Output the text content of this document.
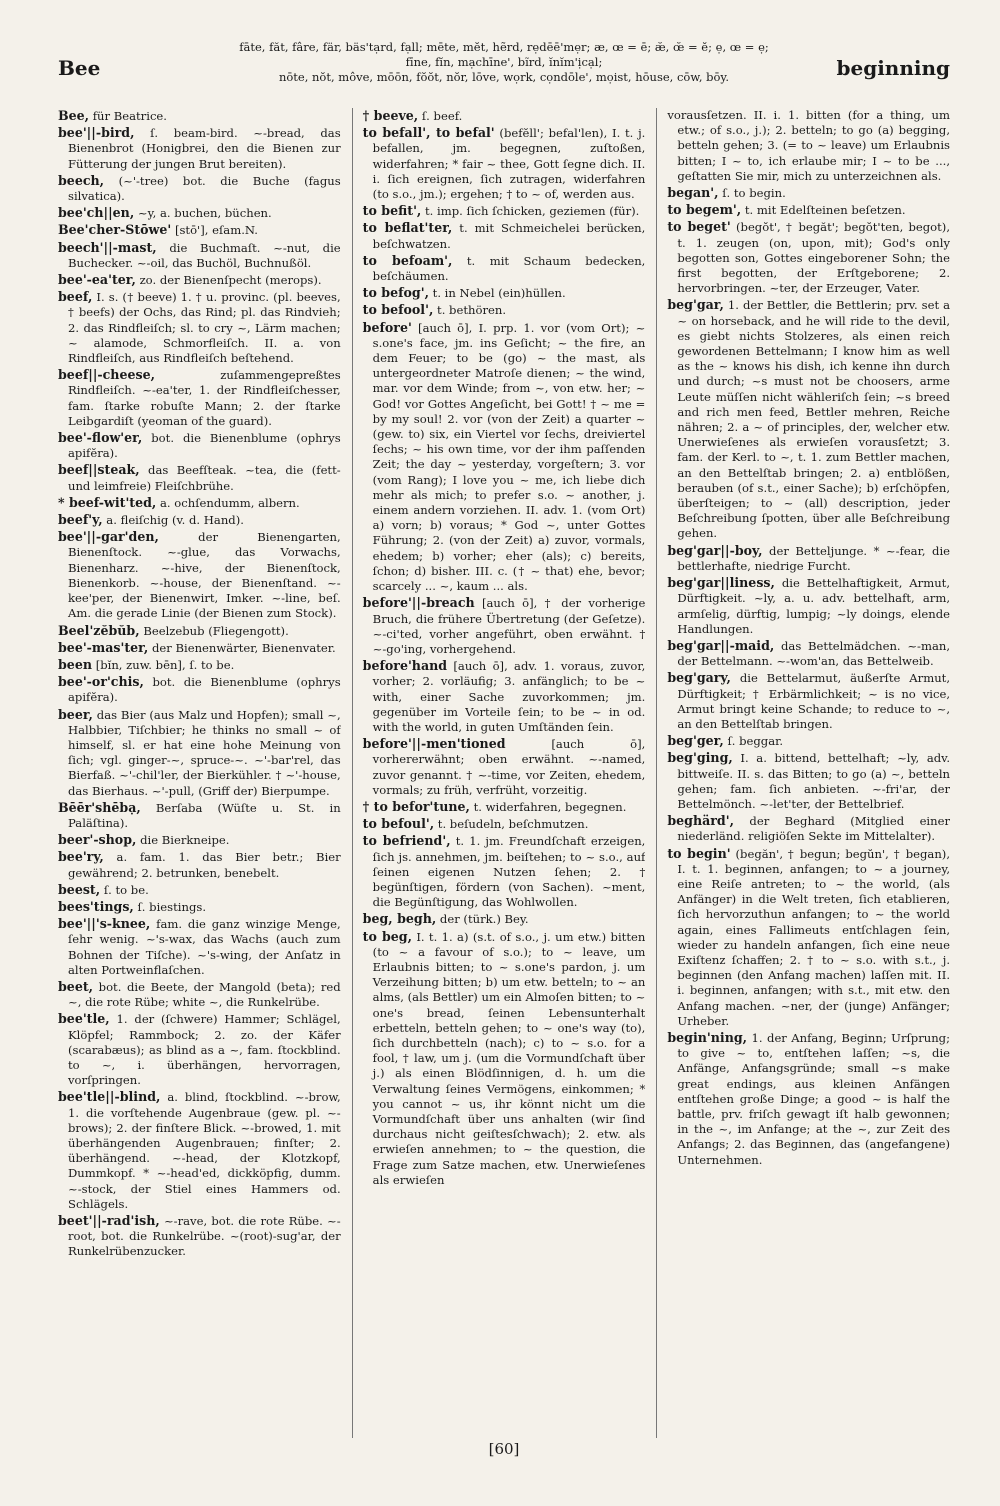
Bee
fāte, făt, fâre, fär, bäs'tạrd, fạll; mēte, mĕt, hẽrd, rẹdēē'mẹr; æ, œ = ē; æ̆, œ̆ = ĕ; ẹ, œ = ẹ;
fīne, fĭn, mạchīne', bĩrd, ĭnĭm'ịcạl;
nōte, nŏt, môve, mōōn, fŏŏt, nŏr, lōve, wọrk, cọndōle', mọist, hōuse, cōw, bōy.	beginning

Bee, für Beatrice.

bee'||-bird, ſ. beam-bird. ~-bread, das Bienenbrot (Honigbrei, den die Bienen zur Fütterung der jungen Brut bereiten).

beech, (~'-tree) bot. die Buche (fagus silvatica).

bee'ch||en, ~y, a. buchen, büchen.

Bee'cher-Stōwe' [stō'], eſam.N.

beech'||-mast, die Buchmaſt. ~-nut, die Buchecker. ~-oil, das Buchöl, Buchnußöl.

bee'-ea'ter, zo. der Bienenſpecht (merops).

beef, I. s. († beeve) 1. † u. provinc. (pl. beeves, † beefs) der Ochs, das Rind; pl. das Rindvieh; 2. das Rindfleiſch; sl. to cry ~, Lärm machen; ~ alamode, Schmorfleiſch. II. a. von Rindfleiſch, aus Rindfleiſch beſtehend.

beef||-cheese,	zuſammengepreßtes Rindfleiſch. ~-ea'ter, 1. der Rindfleiſchesser, fam. ſtarke robuſte Mann; 2. der ſtarke Leibgardiſt (yeoman of the guard).

bee'-flow'er, bot. die Bienenblume (ophrys apifĕra).

beef||steak, das Beefſteak. ~tea, die (fett- und leimfreie) Fleiſchbrühe.

* beef-wit'ted, a. ochſendumm, albern.

beef'y, a. fleiſchig (v. d. Hand).

bee'||-gar'den,	der Bienengarten, Bienenſtock. ~-glue, das Vorwachs, Bienenharz. ~-hive, der Bienenſtock, Bienenkorb. ~-house, der Bienenſtand. ~-kee'per, der Bienenwirt, Imker. ~-line, beſ. Am. die gerade Linie (der Bienen zum Stock).

Beel'zĕbŭb, Beelzebub (Fliegengott).

bee'-mas'ter, der Bienenwärter, Bienenvater.

been [bĭn, zuw. bēn], ſ. to be.

bee'-or'chis, bot. die Bienenblume (ophrys apifĕra).

beer, das Bier (aus Malz und Hopfen); small ~, Halbbier, Tiſchbier; he thinks no small ~ of himself, sl. er hat eine hohe Meinung von ſich; vgl. ginger-~, spruce-~. ~'-bar'rel, das Bierfaß. ~'-chil'ler, der Bierkühler. † ~'-house, das Bierhaus. ~'-pull, (Griff der) Bierpumpe.

Bēēr'shēbạ, Berſaba (Wüſte u. St. in Paläſtina).

beer'-shop, die Bierkneipe.

bee'ry, a. fam. 1. das Bier betr.; Bier gewährend; 2. betrunken, benebelt.

beest, ſ. to be.

bees'tings, ſ. biestings.

bee'||'s-knee, fam. die ganz winzige Menge, ſehr wenig. ~'s-wax, das Wachs (auch zum Bohnen der Tiſche). ~'s-wing, der Anſatz in alten Portweinflaſchen.

beet, bot. die Beete, der Mangold (beta); red ~, die rote Rübe; white ~, die Runkelrübe.

bee'tle, 1. der (ſchwere) Hammer; Schlägel, Klöpfel; Rammbock; 2. zo. der Käfer (scarabæus); as blind as a ~, fam. ſtockblind. to ~, i. überhängen, hervorragen, vorſpringen.

bee'tle||-blind, a. blind, ſtockblind. ~-brow, 1. die vorſtehende Augenbraue (gew. pl. ~-brows); 2. der finſtere Blick. ~-browed, 1. mit überhängenden Augenbrauen; finſter; 2. überhängend. ~-head, der Klotzkopf, Dummkopf. * ~-head'ed, dickköpfig, dumm. ~-stock, der Stiel eines Hammers od. Schlägels.

beet'||-rad'ish, ~-rave, bot. die rote Rübe. ~-root, bot. die Runkelrübe. ~(root)-sug'ar, der Runkelrübenzucker.

† beeve, ſ. beef.

to befall', to befal' (befĕll'; befal'len), I. t. j. befallen, jm. begegnen, zuſtoßen, widerfahren; * fair ~ thee, Gott ſegne dich. II. i. ſich ereignen, ſich zutragen, widerfahren (to s.o., jm.); ergehen; † to ~ of, werden aus.

to befit', t. imp. ſich ſchicken, geziemen (für).

to beflat'ter, t. mit Schmeichelei berücken, beſchwatzen.

to befoam', t. mit Schaum bedecken, beſchäumen.

to befog', t. in Nebel (ein)hüllen.

to befool', t. bethören.

before' [auch ō], I. prp. 1. vor (vom Ort); ~ s.one's face, jm. ins Geſicht; ~ the fire, an dem Feuer; to be (go) ~ the mast, als untergeordneter Matroſe dienen; ~ the wind, mar. vor dem Winde; from ~, von etw. her; ~ God! vor Gottes Angeſicht, bei Gott! † ~ me = by my soul! 2. vor (von der Zeit) a quarter ~ (gew. to) six, ein Viertel vor ſechs, dreiviertel ſechs; ~ his own time, vor der ihm paſſenden Zeit; the day ~ yesterday, vorgeſtern; 3. vor (vom Rang); I love you ~ me, ich liebe dich mehr als mich; to prefer s.o. ~ another, j. einem andern vorziehen. II. adv. 1. (vom Ort) a) vorn; b) voraus; * God ~, unter Gottes Führung; 2. (von der Zeit) a) zuvor, vormals, ehedem; b) vorher; eher (als); c) bereits, ſchon; d) bisher. III. c. († ~ that) ehe, bevor; scarcely ... ~, kaum ... als.

before'||-breach [auch ō], † der vorherige Bruch, die frühere Übertretung (der Geſetze). ~-ci'ted, vorher angeführt, oben erwähnt. † ~-go'ing, vorhergehend.

before'hand [auch ō], adv. 1. voraus, zuvor, vorher; 2. vorläufig; 3. anfänglich; to be ~ with, einer Sache zuvorkommen; jm. gegenüber im Vorteile ſein; to be ~ in od. with the world, in guten Umſtänden ſein.

before'||-men'tioned	[auch ō], vorhererwähnt; oben erwähnt. ~-named, zuvor genannt. † ~-time, vor Zeiten, ehedem, vormals; zu früh, verfrüht, vorzeitig.

† to befor'tune, t. widerfahren, begegnen.

to befoul', t. beſudeln, beſchmutzen.

to befriend', t. 1. jm. Freundſchaft erzeigen, ſich js. annehmen, jm. beiſtehen; to ~ s.o., auf ſeinen eigenen Nutzen ſehen; 2. † begünſtigen, fördern (von Sachen). ~ment, die Begünſtigung, das Wohlwollen.

beg, begh, der (türk.) Bey.

to beg, I. t. 1. a) (s.t. of s.o., j. um etw.) bitten (to ~ a favour of s.o.); to ~ leave, um Erlaubnis bitten; to ~ s.one's pardon, j. um Verzeihung bitten; b) um etw. betteln; to ~ an alms, (als Bettler) um ein Almoſen bitten; to ~ one's bread, ſeinen Lebensunterhalt erbetteln, betteln gehen; to ~ one's way (to), ſich durchbetteln (nach); c) to ~ s.o. for a fool, † law, um j. (um die Vormundſchaft über j.) als einen Blödſinnigen, d. h. um die Verwaltung ſeines Vermögens, einkommen; * you cannot ~ us, ihr könnt nicht um die Vormundſchaft über uns anhalten (wir ſind durchaus nicht geiſtesſchwach); 2. etw. als erwieſen annehmen; to ~ the question, die Frage zum Satze machen, etw. Unerwieſenes als erwieſen

vorausſetzen. II. i. 1. bitten (for a thing, um etw.; of s.o., j.); 2. betteln; to go (a) begging, betteln gehen; 3. (= to ~ leave) um Erlaubnis bitten; I ~ to, ich erlaube mir; I ~ to be ..., geſtatten Sie mir, mich zu unterzeichnen als.

began', ſ. to begin.

to begem', t. mit Edelſteinen beſetzen.

to beget' (begŏt', † begăt'; begŏt'ten, begot), t. 1. zeugen (on, upon, mit); God's only begotten son, Gottes eingeborener Sohn; the first begotten, der Erſtgeborene; 2. hervorbringen. ~ter, der Erzeuger, Vater.

beg'gar, 1. der Bettler, die Bettlerin; prv. set a ~ on horseback, and he will ride to the devil, es giebt nichts Stolzeres, als einen reich gewordenen Bettelmann; I know him as well as the ~ knows his dish, ich kenne ihn durch und durch; ~s must not be choosers, arme Leute müſſen nicht wähleriſch ſein; ~s breed and rich men feed, Bettler mehren, Reiche nähren; 2. a ~ of principles, der, welcher etw. Unerwieſenes als erwieſen vorausſetzt; 3. fam. der Kerl. to ~, t. 1. zum Bettler machen, an den Bettelſtab bringen; 2. a) entblößen, berauben (of s.t., einer Sache); b) erſchöpfen, überſteigen; to ~ (all) description, jeder Beſchreibung ſpotten, über alle Beſchreibung gehen.

beg'gar||-boy, der Betteljunge. * ~-fear, die bettlerhafte, niedrige Furcht.

beg'gar||liness, die Bettelhaftigkeit, Armut, Dürftigkeit. ~ly, a. u. adv. bettelhaft, arm, armſelig, dürftig, lumpig; ~ly doings, elende Handlungen.

beg'gar||-maid, das Bettelmädchen. ~-man, der Bettelmann. ~-wom'an, das Bettelweib.

beg'gary, die Bettelarmut, äußerſte Armut, Dürftigkeit; † Erbärmlichkeit; ~ is no vice, Armut bringt keine Schande; to reduce to ~, an den Bettelſtab bringen.

beg'ger, ſ. beggar.

beg'ging, I. a. bittend, bettelhaft; ~ly, adv. bittweiſe. II. s. das Bitten; to go (a) ~, betteln gehen; fam. ſich anbieten. ~-fri'ar, der Bettelmönch. ~-let'ter, der Bettelbrief.

beghärd', der Beghard (Mitglied einer niederländ. religiöſen Sekte im Mittelalter).

to begin' (begăn', † begun; begŭn', † began), I. t. 1. beginnen, anfangen; to ~ a journey, eine Reiſe antreten; to ~ the world, (als Anfänger) in die Welt treten, ſich etablieren, ſich hervorzuthun anfangen; to ~ the world again, eines Fallimeuts entſchlagen ſein, wieder zu handeln anfangen, ſich eine neue Exiſtenz ſchaffen; 2. † to ~ s.o. with s.t., j. beginnen (den Anfang machen) laſſen mit. II. i. beginnen, anfangen; with s.t., mit etw. den Anfang machen. ~ner, der (junge) Anfänger; Urheber.

begin'ning, 1. der Anfang, Beginn; Urſprung; to give ~ to, entſtehen laſſen; ~s, die Anfänge, Anfangsgründe; small ~s make great endings, aus kleinen Anfängen entſtehen große Dinge; a good ~ is half the battle, prv. friſch gewagt iſt halb gewonnen; in the ~, im Anfange; at the ~, zur Zeit des Anfangs; 2. das Beginnen, das (angefangene) Unternehmen.

[60]
